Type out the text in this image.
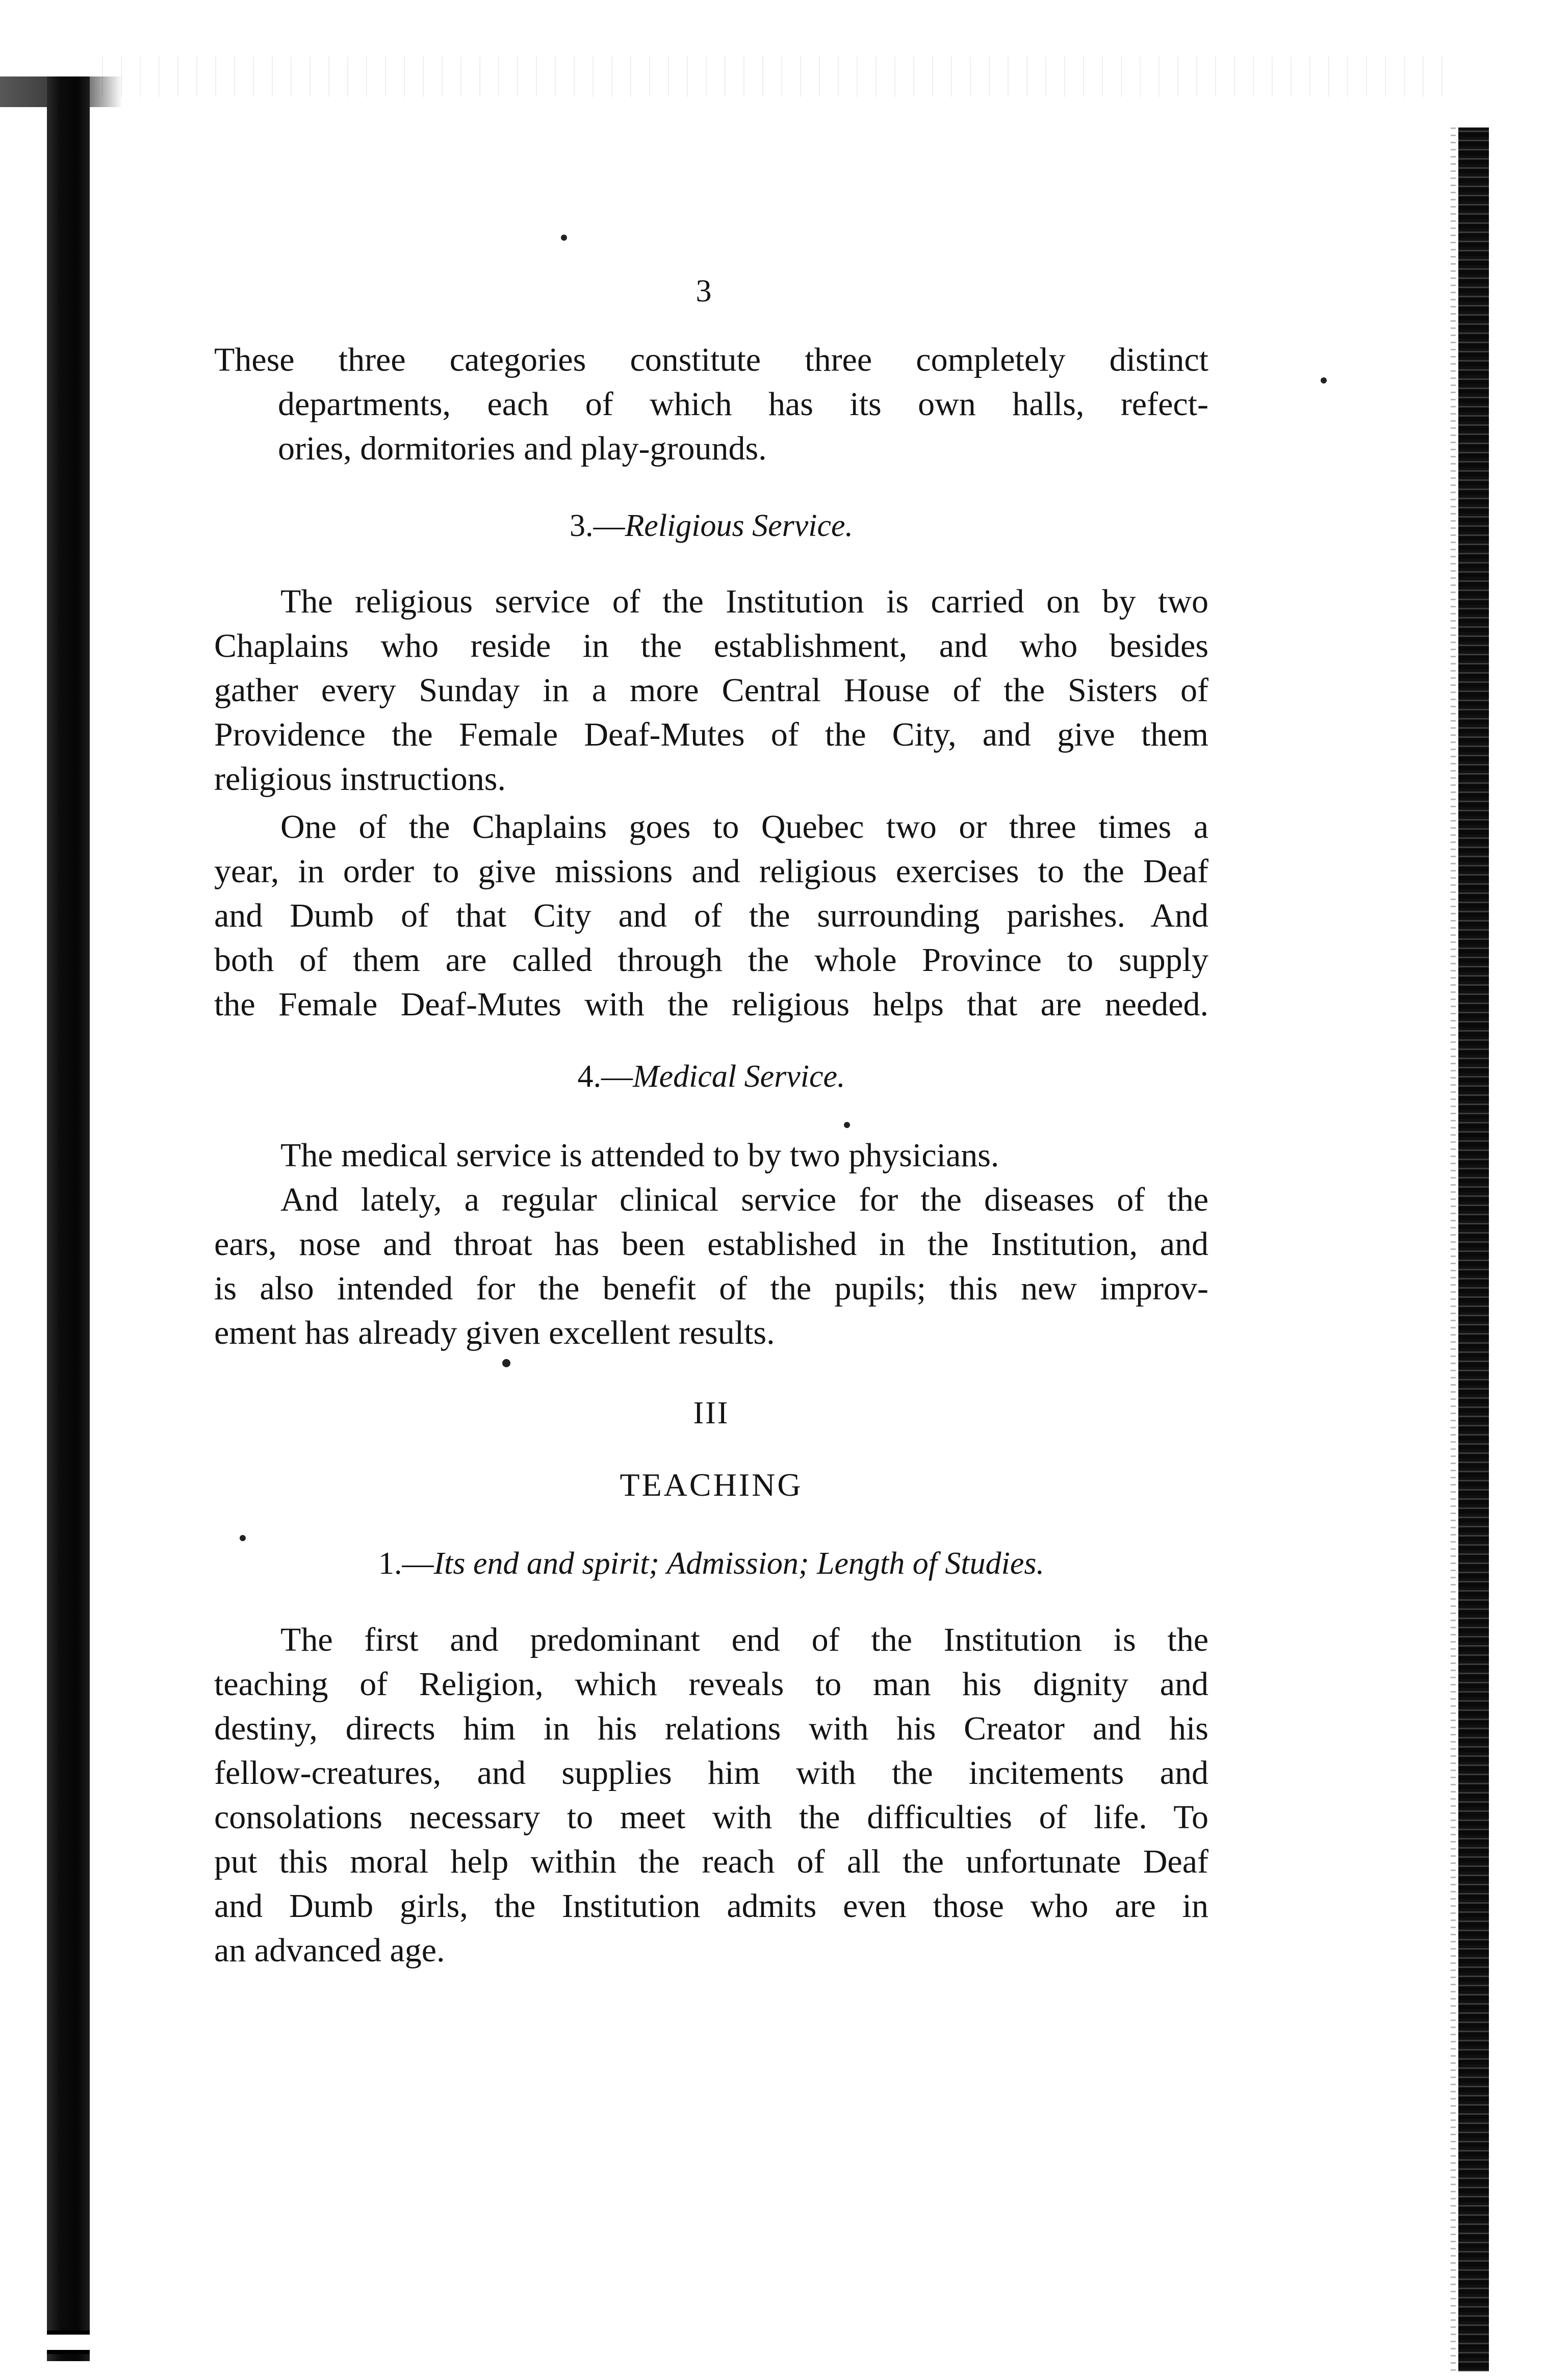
3
These three categories constitute three completely distinct
departments, each of which has its own halls, refect-
ories, dormitories and play-grounds.
3.—Religious Service.
The religious service of the Institution is carried on by two
Chaplains who reside in the establishment, and who besides
gather every Sunday in a more Central House of the Sisters of
Providence the Female Deaf-Mutes of the City, and give them
religious instructions.
One of the Chaplains goes to Quebec two or three times a
year, in order to give missions and religious exercises to the Deaf
and Dumb of that City and of the surrounding parishes. And
both of them are called through the whole Province to supply
the Female Deaf-Mutes with the religious helps that are needed.
4.—Medical Service.
The medical service is attended to by two physicians.
And lately, a regular clinical service for the diseases of the
ears, nose and throat has been established in the Institution, and
is also intended for the benefit of the pupils; this new improv-
ement has already given excellent results.
III
TEACHING
1.—Its end and spirit; Admission; Length of Studies.
The first and predominant end of the Institution is the
teaching of Religion, which reveals to man his dignity and
destiny, directs him in his relations with his Creator and his
fellow-creatures, and supplies him with the incitements and
consolations necessary to meet with the difficulties of life. To
put this moral help within the reach of all the unfortunate Deaf
and Dumb girls, the Institution admits even those who are in
an advanced age.
